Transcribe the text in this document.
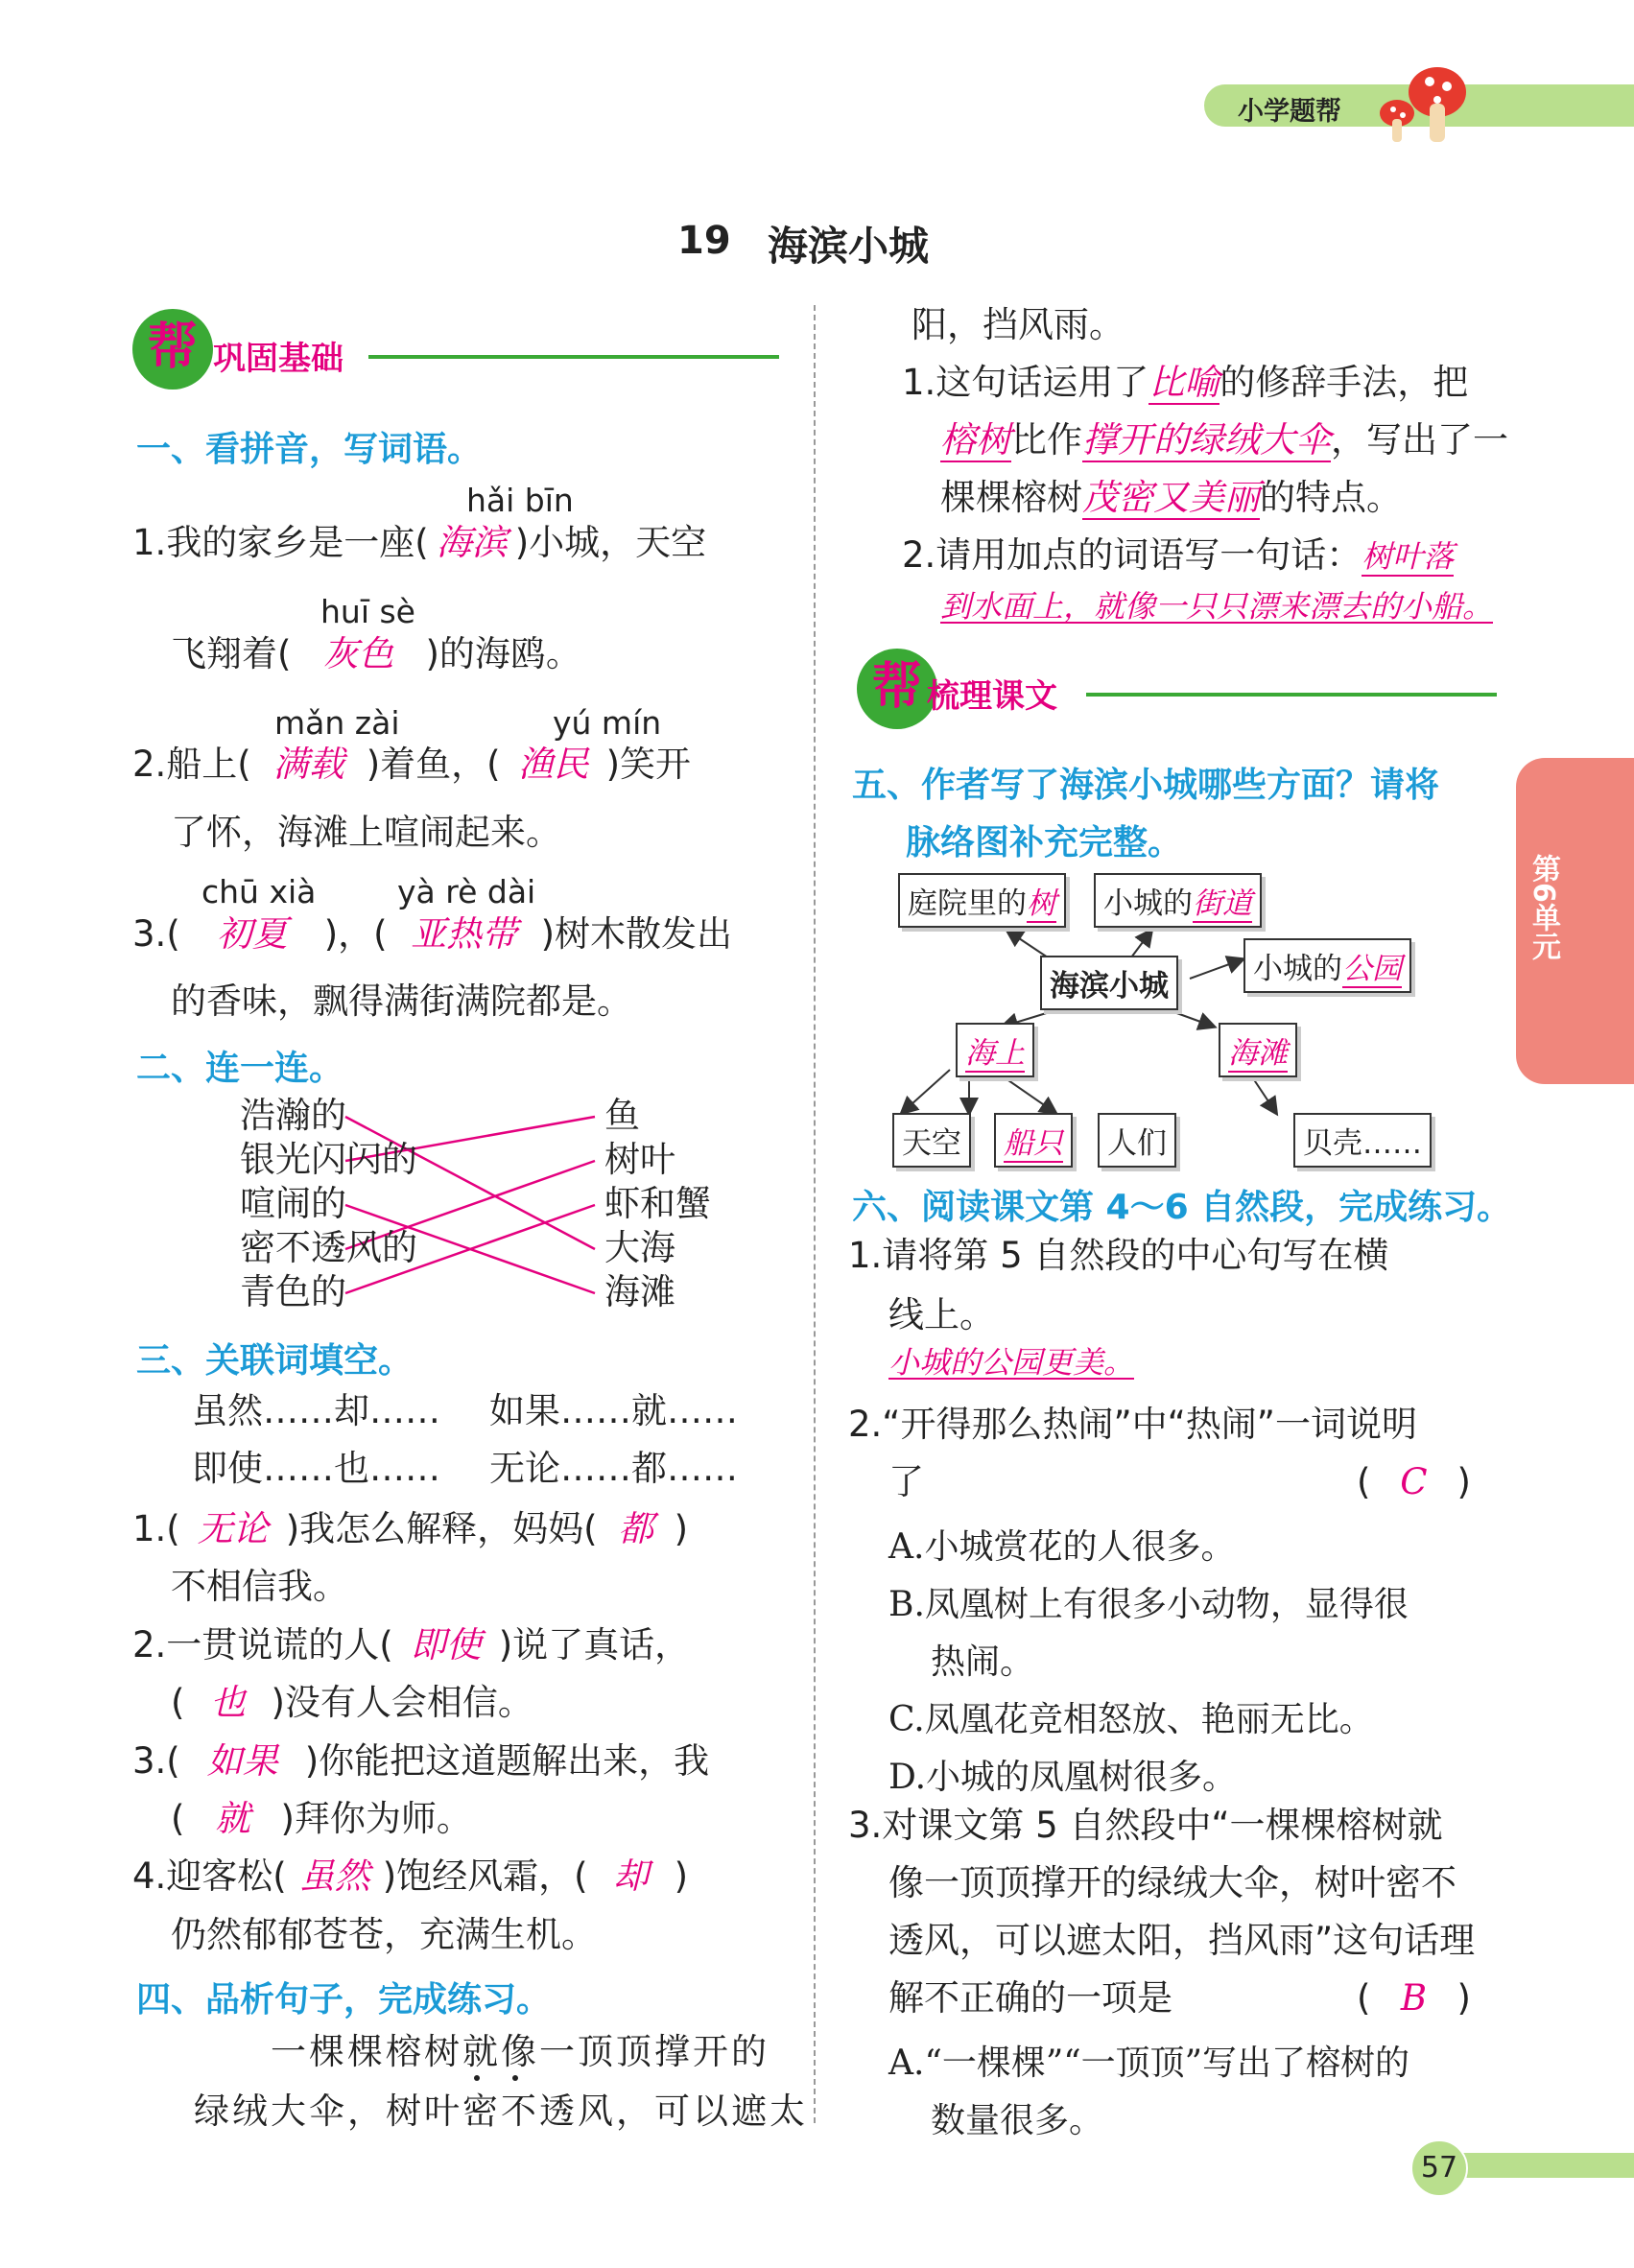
小学题帮
19 海滨小城
帮 巩固基础
一、看拼音，写词语。
hǎi bīn
1.我的家乡是一座( 海滨 )小城，天空
huī sè
飞翔着( 灰色 )的海鸥。
mǎn zài	yú mín
2.船上( 满载 )着鱼，( 渔民 )笑开
了怀，海滩上喧闹起来。
chū xià	yà rè dài
3.( 初夏 )，( 亚热带 )树木散发出
的香味，飘得满街满院都是。
二、连一连。
浩瀚的
银光闪闪的
喧闹的
密不透风的
青色的
鱼
树叶
虾和蟹
大海
海滩
三、关联词填空。
虽然……却…… 如果……就……
即使……也…… 无论……都……
1.( 无论 )我怎么解释，妈妈( 都 )
不相信我。
2.一贯说谎的人( 即使 )说了真话，
( 也 )没有人会相信。
3.( 如果 )你能把这道题解出来，我
( 就 )拜你为师。
4.迎客松( 虽然 )饱经风霜，( 却 )
仍然郁郁苍苍，充满生机。
四、品析句子，完成练习。
一棵棵榕树就像一顶顶撑开的
绿绒大伞，树叶密不透风，可以遮太
阳，挡风雨。
1.这句话运用了比喻的修辞手法，把
榕树比作撑开的绿绒大伞，写出了一
棵棵榕树茂密又美丽的特点。
2.请用加点的词语写一句话：树叶落
到水面上，就像一只只漂来漂去的小船。
帮 梳理课文
五、作者写了海滨小城哪些方面？请将
脉络图补充完整。
庭院里的树	小城的街道
海滨小城	小城的公园
海上	海滩
天空	船只	人们	贝壳……
六、阅读课文第 4～6 自然段，完成练习。
1.请将第 5 自然段的中心句写在横
线上。
小城的公园更美。
2.“开得那么热闹”中“热闹”一词说明
了	( C )
A.小城赏花的人很多。
B.凤凰树上有很多小动物，显得很
热闹。
C.凤凰花竞相怒放、艳丽无比。
D.小城的凤凰树很多。
3.对课文第 5 自然段中“一棵棵榕树就
像一顶顶撑开的绿绒大伞，树叶密不
透风，可以遮太阳，挡风雨”这句话理
解不正确的一项是	( B )
A.“一棵棵”“一顶顶”写出了榕树的
数量很多。
第6单元
57
